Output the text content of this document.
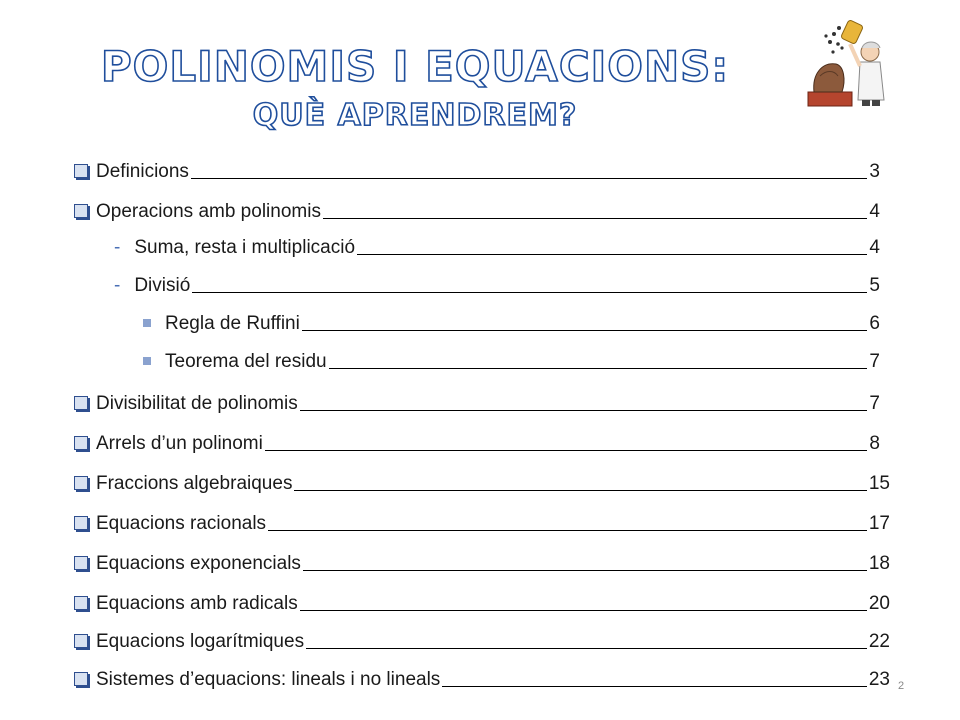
POLINOMIS I EQUACIONS:
QUÈ APRENDREM?
Definicions	3
Operacions amb polinomis	4
- Suma, resta i multiplicació	4
- Divisió	5
Regla de Ruffini	6
Teorema del residu	7
Divisibilitat de polinomis	7
Arrels d’un polinomi	8
Fraccions algebraiques	15
Equacions racionals	17
Equacions exponencials	18
Equacions amb radicals	20
Equacions logarítmiques	22
Sistemes d’equacions: lineals i no lineals	23 2
